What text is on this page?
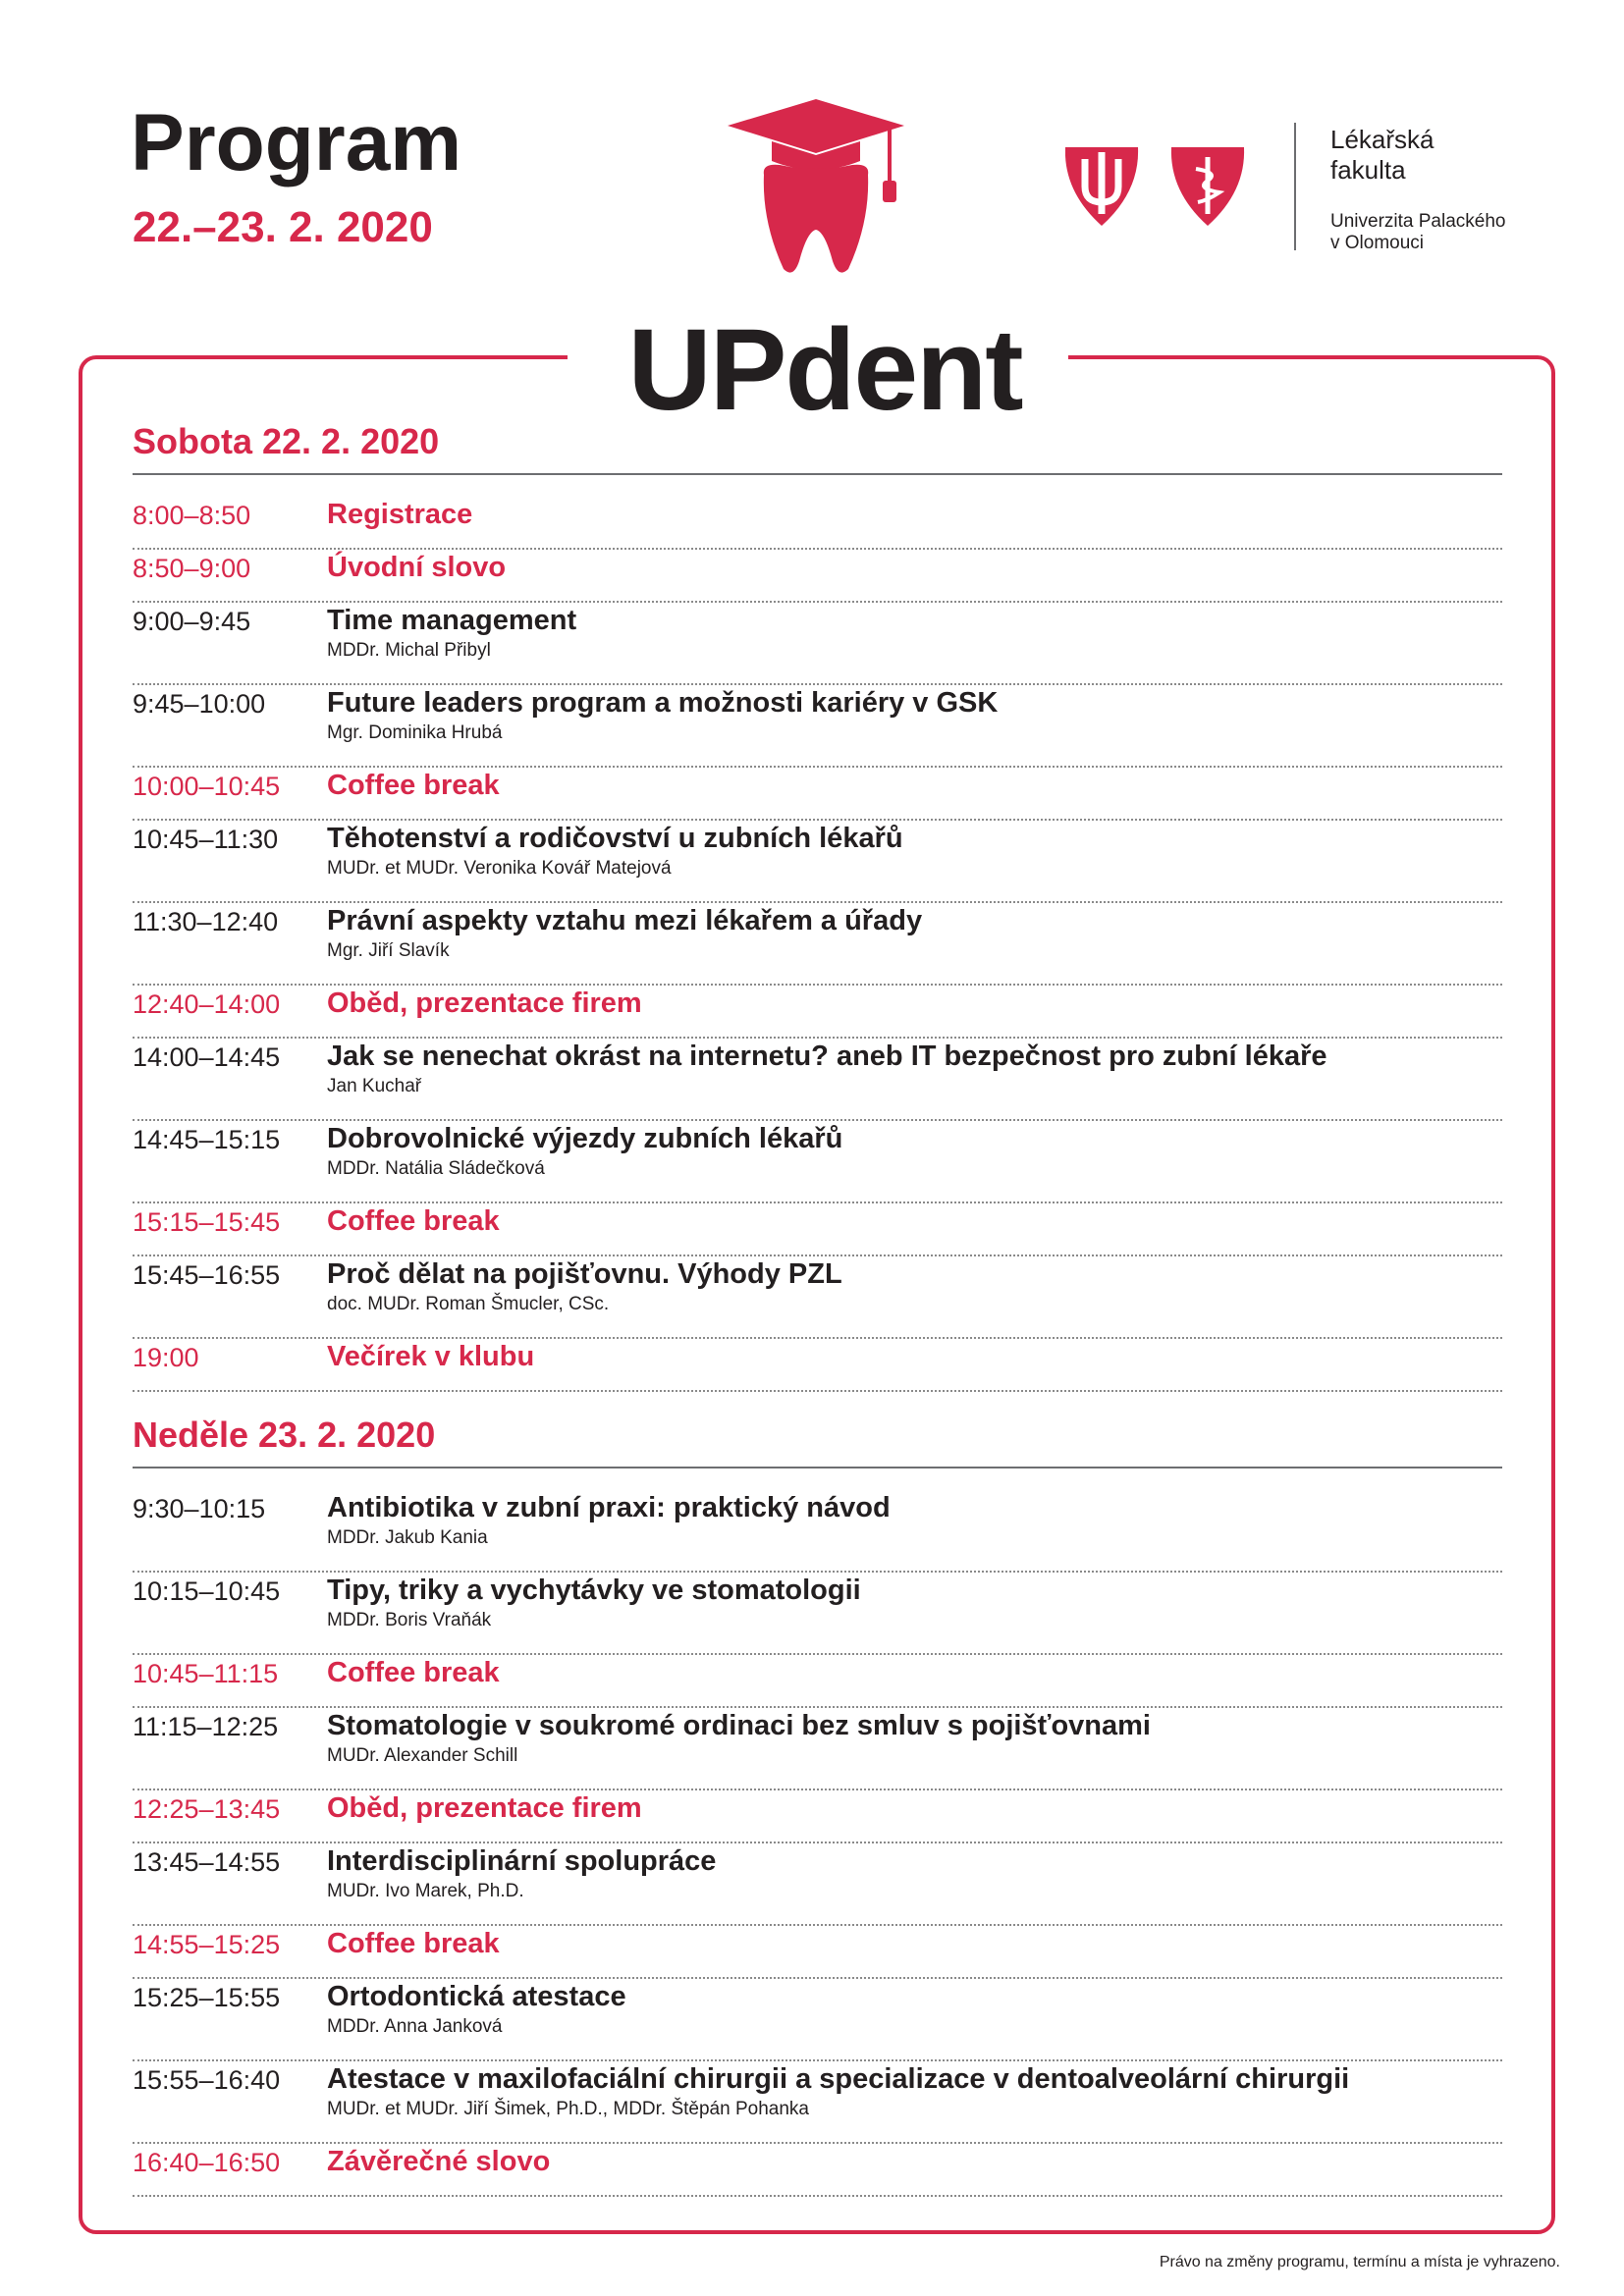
Program
22.–23. 2. 2020
Lékařská
fakulta
Univerzita Palackého
v Olomouci
UPdent
Sobota 22. 2. 2020
8:00–8:50	Registrace
8:50–9:00	Úvodní slovo
9:00–9:45	Time management
MDDr. Michal Přibyl
9:45–10:00	Future leaders program a možnosti kariéry v GSK
Mgr. Dominika Hrubá
10:00–10:45	Coffee break
10:45–11:30	Těhotenství a rodičovství u zubních lékařů
MUDr. et MUDr. Veronika Kovář Matejová
11:30–12:40	Právní aspekty vztahu mezi lékařem a úřady
Mgr. Jiří Slavík
12:40–14:00	Oběd, prezentace firem
14:00–14:45	Jak se nenechat okrást na internetu? aneb IT bezpečnost pro zubní lékaře
Jan Kuchař
14:45–15:15	Dobrovolnické výjezdy zubních lékařů
MDDr. Natália Sládečková
15:15–15:45	Coffee break
15:45–16:55	Proč dělat na pojišťovnu. Výhody PZL
doc. MUDr. Roman Šmucler, CSc.
19:00	Večírek v klubu
Neděle 23. 2. 2020
9:30–10:15	Antibiotika v zubní praxi: praktický návod
MDDr. Jakub Kania
10:15–10:45	Tipy, triky a vychytávky ve stomatologii
MDDr. Boris Vraňák
10:45–11:15	Coffee break
11:15–12:25	Stomatologie v soukromé ordinaci bez smluv s pojišťovnami
MUDr. Alexander Schill
12:25–13:45	Oběd, prezentace firem
13:45–14:55	Interdisciplinární spolupráce
MUDr. Ivo Marek, Ph.D.
14:55–15:25	Coffee break
15:25–15:55	Ortodontická atestace
MDDr. Anna Janková
15:55–16:40	Atestace v maxilofaciální chirurgii a specializace v dentoalveolární chirurgii
MUDr. et MUDr. Jiří Šimek, Ph.D., MDDr. Štěpán Pohanka
16:40–16:50	Závěrečné slovo
Právo na změny programu, termínu a místa je vyhrazeno.
